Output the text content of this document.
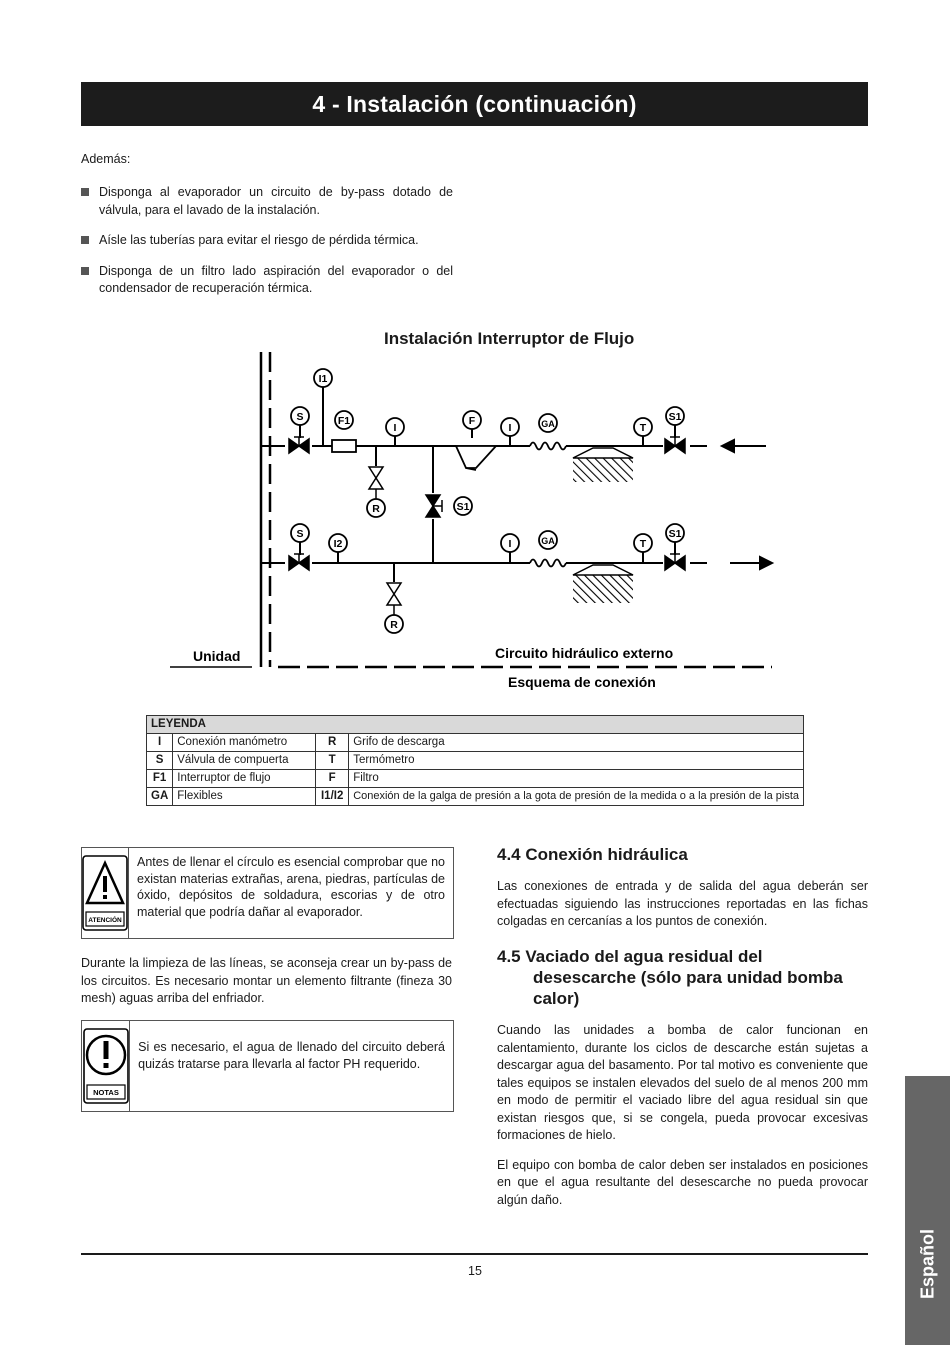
4 - Instalación (continuación)
Además:
Disponga al evaporador un circuito de by-pass dotado de válvula, para el lavado de la instalación.
Aísle las tuberías para evitar el riesgo de pérdida térmica.
Disponga de un filtro lado aspiración del evaporador o del condensador de recuperación térmica.
Instalación Interruptor de Flujo
I1
S	F1
I
F
I	GA	T
S1
R	S1
S
I2	I	GA	T
S1
R
Unidad	Circuito hidráulico externo
Esquema de conexión
LEYENDA			
I	Conexión manómetro	R	Grifo de descarga
S	Válvula de compuerta	T	Termómetro
F1	Interruptor de flujo	F	Filtro
GA	Flexibles	I1/I2	Conexión de la galga de presión a la gota de presión de la medida o a la presión de la pista
ATENCIÓN
Antes de llenar el círculo es esencial comprobar que no existan materias extrañas, arena, piedras, partículas de óxido, depósitos de soldadura, escorias y de otro material que podría dañar al evaporador.
Durante la limpieza de las líneas, se aconseja crear un by-pass de los circuitos. Es necesario montar un elemento filtrante (fineza 30 mesh) aguas arriba del enfriador.
NOTAS
Si es necesario, el agua de llenado del circuito deberá quizás tratarse para llevarla al factor PH requerido.
4.4 Conexión hidráulica
Las conexiones de entrada y de salida del agua deberán ser efectuadas siguiendo las instrucciones reportadas en las fichas colgadas en cercanías a los puntos de conexión.
4.5 Vaciado del agua residual del desescarche (sólo para unidad bomba calor)
Cuando las unidades a bomba de calor funcionan en calentamiento, durante los ciclos de descarche están sujetas a descargar agua del basamento. Por tal motivo es conveniente que tales equipos se instalen elevados del suelo de al menos 200 mm en modo de permitir el vaciado libre del agua residual sin que existan riesgos que, si se congela, pueda provocar excesivas formaciones de hielo.
El equipo con bomba de calor deben ser instalados en posiciones en que el agua resultante del desescarche no pueda provocar algún daño.
Español
15
